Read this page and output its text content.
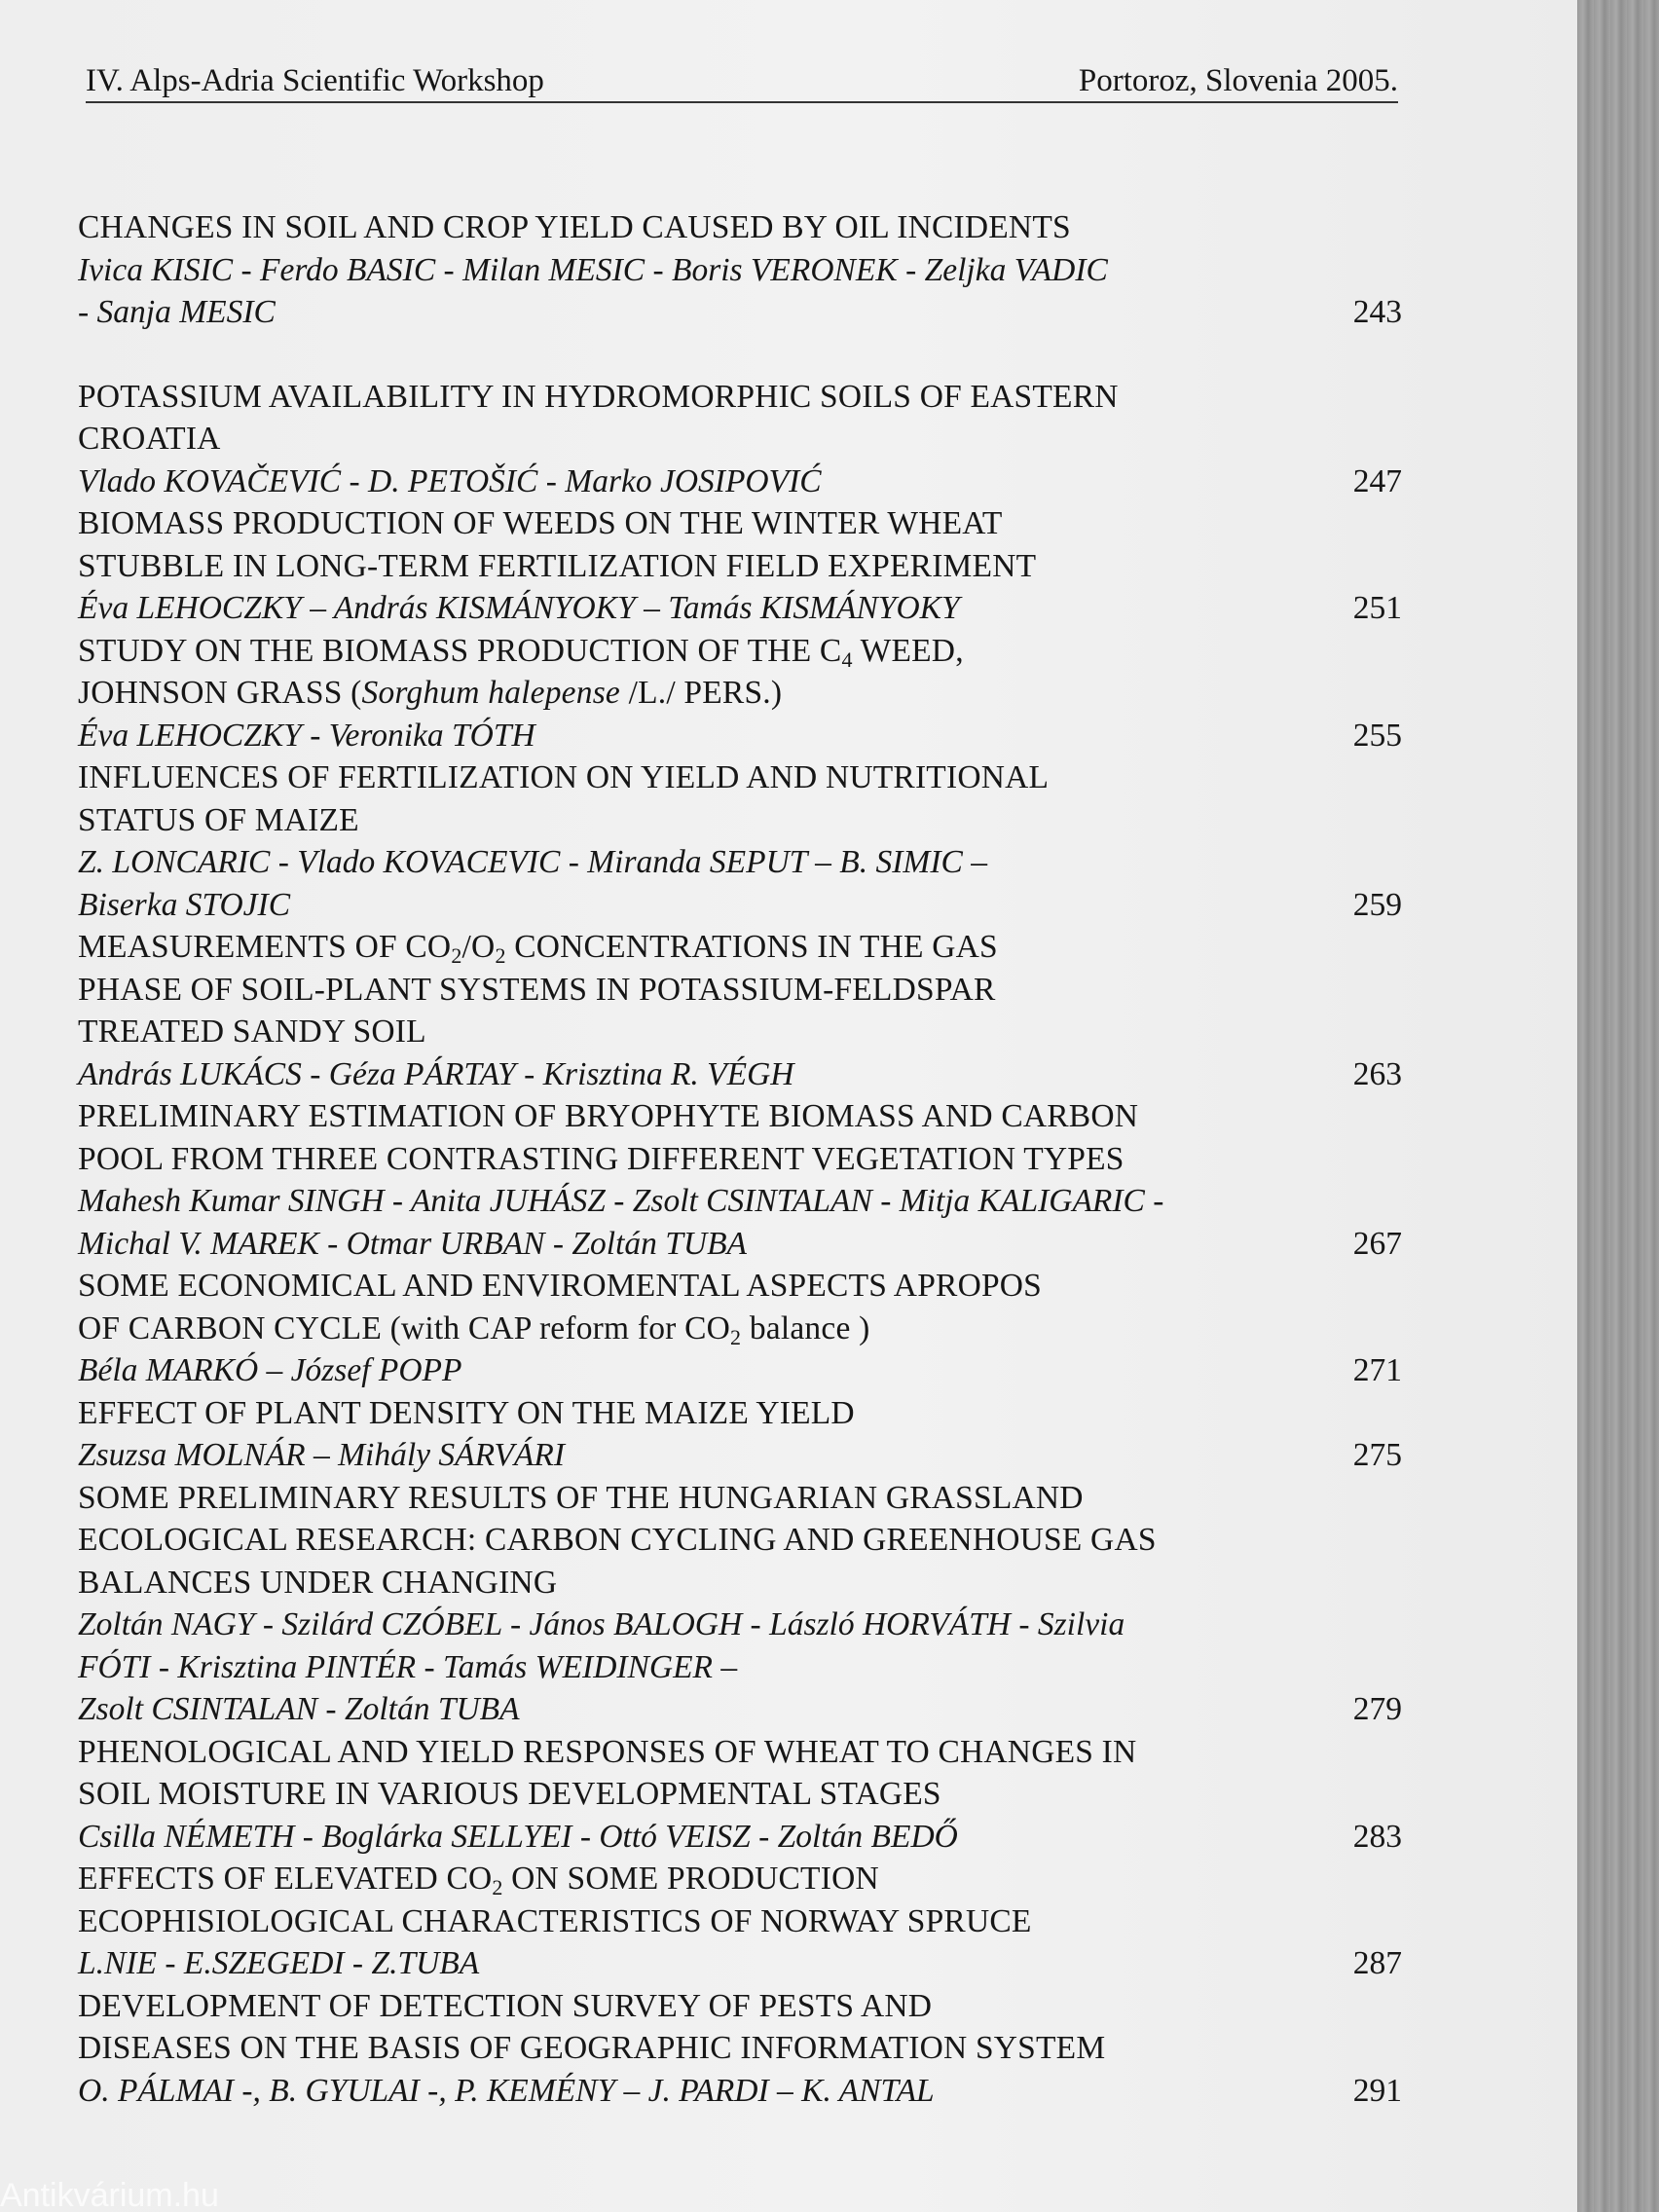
IV. Alps-Adria Scientific Workshop	Portoroz, Slovenia 2005.
CHANGES IN SOIL AND CROP YIELD CAUSED BY OIL INCIDENTS
Ivica KISIC - Ferdo BASIC - Milan MESIC - Boris VERONEK - Zeljka VADIC
- Sanja MESIC	243
POTASSIUM AVAILABILITY IN HYDROMORPHIC SOILS OF EASTERN
CROATIA
Vlado KOVAČEVIĆ - D. PETOŠIĆ - Marko JOSIPOVIĆ	247
BIOMASS PRODUCTION OF WEEDS ON THE WINTER WHEAT
STUBBLE IN LONG-TERM FERTILIZATION FIELD EXPERIMENT
Éva LEHOCZKY – András KISMÁNYOKY – Tamás KISMÁNYOKY	251
STUDY ON THE BIOMASS PRODUCTION OF THE $C_4$ WEED,
JOHNSON GRASS (Sorghum halepense /L./ PERS.)
Éva LEHOCZKY - Veronika TÓTH	255
INFLUENCES OF FERTILIZATION ON YIELD AND NUTRITIONAL
STATUS OF MAIZE
Z. LONCARIC - Vlado KOVACEVIC - Miranda SEPUT – B. SIMIC –
Biserka STOJIC	259
MEASUREMENTS OF $CO_2/O_2$ CONCENTRATIONS IN THE GAS
PHASE OF SOIL-PLANT SYSTEMS IN POTASSIUM-FELDSPAR
TREATED SANDY SOIL
András LUKÁCS - Géza PÁRTAY - Krisztina R. VÉGH	263
PRELIMINARY ESTIMATION OF BRYOPHYTE BIOMASS AND CARBON
POOL FROM THREE CONTRASTING DIFFERENT VEGETATION TYPES
Mahesh Kumar SINGH - Anita JUHÁSZ - Zsolt CSINTALAN - Mitja KALIGARIC -
Michal V. MAREK - Otmar URBAN - Zoltán TUBA	267
SOME ECONOMICAL AND ENVIROMENTAL ASPECTS APROPOS
OF CARBON CYCLE (with CAP reform for $CO_2$ balance )
Béla MARKÓ – József POPP	271
EFFECT OF PLANT DENSITY ON THE MAIZE YIELD
Zsuzsa MOLNÁR – Mihály SÁRVÁRI	275
SOME PRELIMINARY RESULTS OF THE HUNGARIAN GRASSLAND
ECOLOGICAL RESEARCH: CARBON CYCLING AND GREENHOUSE GAS
BALANCES UNDER CHANGING
Zoltán NAGY - Szilárd CZÓBEL - János BALOGH - László HORVÁTH - Szilvia
FÓTI - Krisztina PINTÉR - Tamás WEIDINGER –
Zsolt CSINTALAN - Zoltán TUBA	279
PHENOLOGICAL AND YIELD RESPONSES OF WHEAT TO CHANGES IN
SOIL MOISTURE IN VARIOUS DEVELOPMENTAL STAGES
Csilla NÉMETH - Boglárka SELLYEI - Ottó VEISZ - Zoltán BEDŐ	283
EFFECTS OF ELEVATED $CO_2$ ON SOME PRODUCTION
ECOPHISIOLOGICAL CHARACTERISTICS OF NORWAY SPRUCE
L.NIE - E.SZEGEDI - Z.TUBA	287
DEVELOPMENT OF DETECTION SURVEY OF PESTS AND
DISEASES ON THE BASIS OF GEOGRAPHIC INFORMATION SYSTEM
O. PÁLMAI -, B. GYULAI -, P. KEMÉNY – J. PARDI – K. ANTAL	291
Antikvárium.hu
